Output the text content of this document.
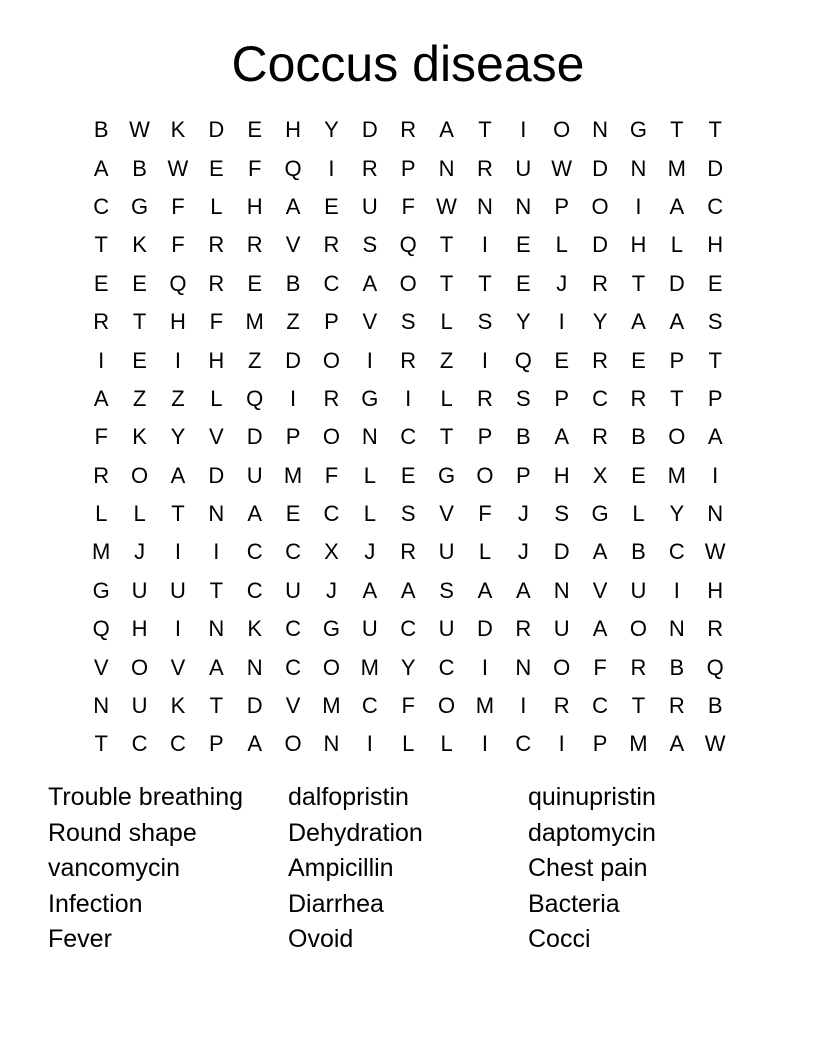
Coccus disease
B W K	D	E	H	Y	D	R	A	T	I	O N G	T	T
A	B W E	F	Q	I	R	P	N	R	U W D	N M D
C G	F	L	H	A	E	U	F W N	N	P	O	I	A	C
T	K	F	R	R	V	R	S	Q	T	I	E	L	D	H	L	H
E	E	Q R	E	B	C	A	O	T	T	E	J	R	T	D	E
R	T	H	F	M	Z	P	V	S	L	S	Y	I	Y	A	A	S
I	E	I	H	Z	D O	I	R	Z	I	Q	E	R	E	P	T
A	Z	Z	L	Q	I	R G	I	L	R	S	P	C	R	T	P
F	K	Y	V	D	P	O N	C	T	P	B	A	R	B	O	A
R O	A	D	U M	F	L	E	G O	P	H	X	E M	I
L	L	T	N	A	E	C	L	S	V	F	J	S	G	L	Y	N
M	J	I	I	C	C	X	J	R	U	L	J	D	A	B	C W
G U	U	T	C	U	J	A	A	S	A	A	N	V	U	I	H
Q H	I	N	K	C G U	C	U	D	R	U	A	O N	R
V	O	V	A	N	C O M Y	C	I	N O	F	R	B	Q
N	U	K	T	D	V M C	F	O M	I	R	C	T	R	B
T	C	C	P	A	O N	I	L	L	I	C	I	P M A W
Trouble breathing	dalfopristin	quinupristin
Round shape	Dehydration	daptomycin
vancomycin	Ampicillin	Chest pain
Infection	Diarrhea	Bacteria
Fever	Ovoid	Cocci
